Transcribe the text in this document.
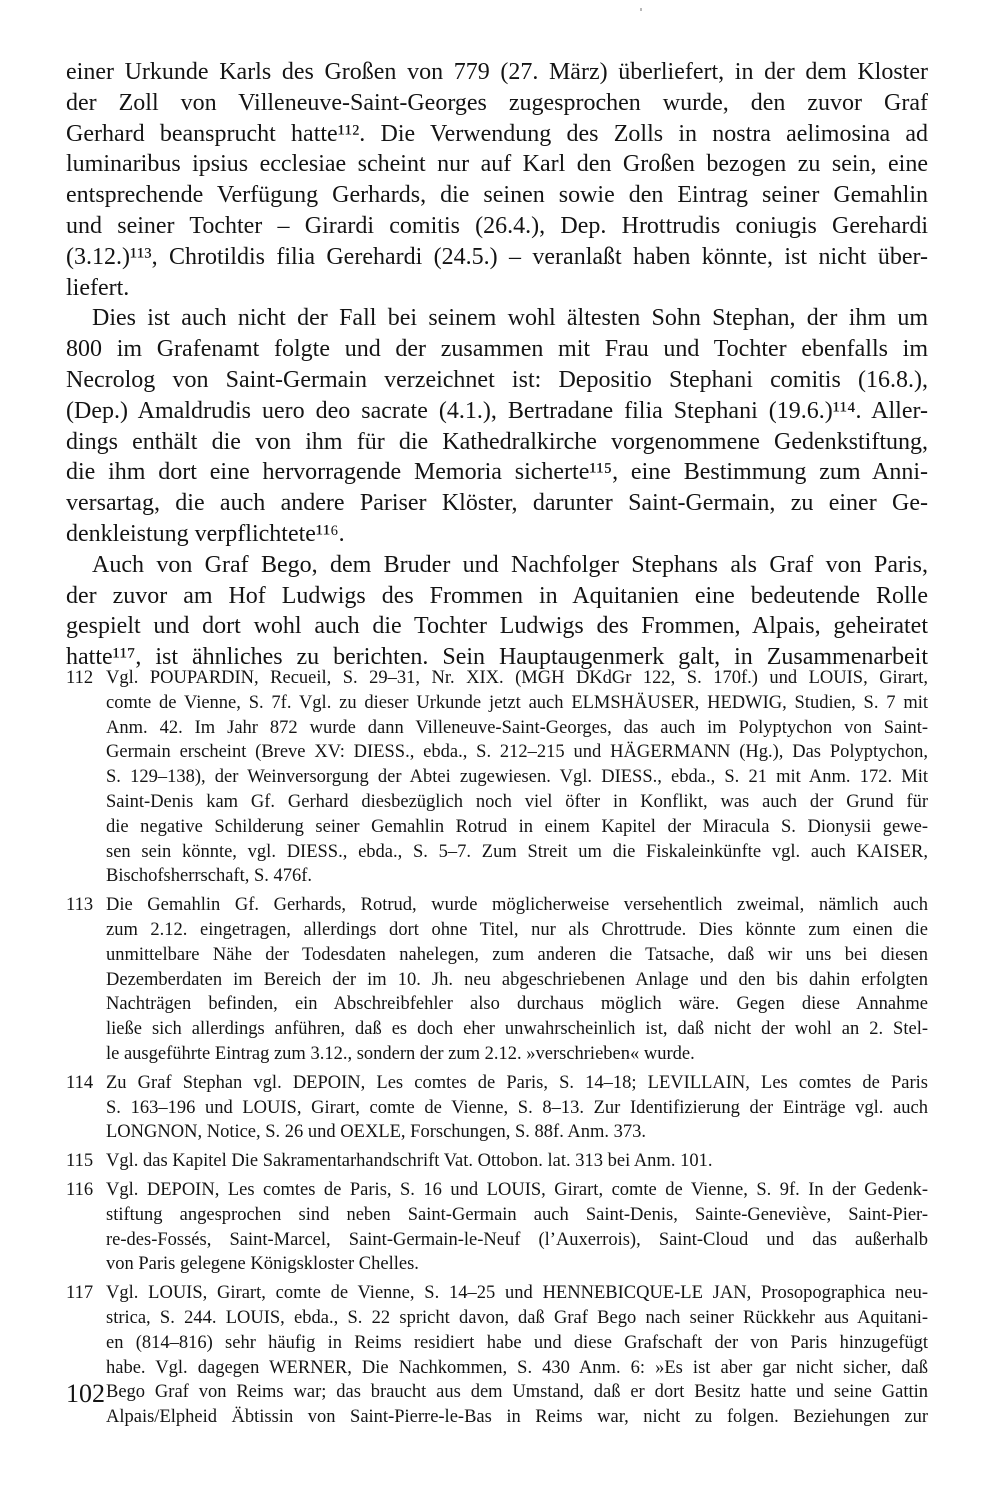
einer Urkunde Karls des Großen von 779 (27. März) überliefert, in der dem Kloster
der Zoll von Villeneuve-Saint-Georges zugesprochen wurde, den zuvor Graf
Gerhard beansprucht hatte¹¹². Die Verwendung des Zolls in nostra aelimosina ad
luminaribus ipsius ecclesiae scheint nur auf Karl den Großen bezogen zu sein, eine
entsprechende Verfügung Gerhards, die seinen sowie den Eintrag seiner Gemahlin
und seiner Tochter – Girardi comitis (26.4.), Dep. Hrottrudis coniugis Gerehardi
(3.12.)¹¹³, Chrotildis filia Gerehardi (24.5.) – veranlaßt haben könnte, ist nicht über-
liefert.
Dies ist auch nicht der Fall bei seinem wohl ältesten Sohn Stephan, der ihm um
800 im Grafenamt folgte und der zusammen mit Frau und Tochter ebenfalls im
Necrolog von Saint-Germain verzeichnet ist: Depositio Stephani comitis (16.8.),
(Dep.) Amaldrudis uero deo sacrate (4.1.), Bertradane filia Stephani (19.6.)¹¹⁴. Aller-
dings enthält die von ihm für die Kathedralkirche vorgenommene Gedenkstiftung,
die ihm dort eine hervorragende Memoria sicherte¹¹⁵, eine Bestimmung zum Anni-
versartag, die auch andere Pariser Klöster, darunter Saint-Germain, zu einer Ge-
denkleistung verpflichtete¹¹⁶.
Auch von Graf Bego, dem Bruder und Nachfolger Stephans als Graf von Paris,
der zuvor am Hof Ludwigs des Frommen in Aquitanien eine bedeutende Rolle
gespielt und dort wohl auch die Tochter Ludwigs des Frommen, Alpais, geheiratet
hatte¹¹⁷, ist ähnliches zu berichten. Sein Hauptaugenmerk galt, in Zusammenarbeit
112 Vgl. POUPARDIN, Recueil, S. 29–31, Nr. XIX. (MGH DKdGr 122, S. 170f.) und LOUIS, Girart,
comte de Vienne, S. 7f. Vgl. zu dieser Urkunde jetzt auch ELMSHÄUSER, HEDWIG, Studien, S. 7 mit
Anm. 42. Im Jahr 872 wurde dann Villeneuve-Saint-Georges, das auch im Polyptychon von Saint-
Germain erscheint (Breve XV: DIESS., ebda., S. 212–215 und HÄGERMANN (Hg.), Das Polyptychon,
S. 129–138), der Weinversorgung der Abtei zugewiesen. Vgl. DIESS., ebda., S. 21 mit Anm. 172. Mit
Saint-Denis kam Gf. Gerhard diesbezüglich noch viel öfter in Konflikt, was auch der Grund für
die negative Schilderung seiner Gemahlin Rotrud in einem Kapitel der Miracula S. Dionysii gewe-
sen sein könnte, vgl. DIESS., ebda., S. 5–7. Zum Streit um die Fiskaleinkünfte vgl. auch KAISER,
Bischofsherrschaft, S. 476f.
113 Die Gemahlin Gf. Gerhards, Rotrud, wurde möglicherweise versehentlich zweimal, nämlich auch
zum 2.12. eingetragen, allerdings dort ohne Titel, nur als Chrottrude. Dies könnte zum einen die
unmittelbare Nähe der Todesdaten nahelegen, zum anderen die Tatsache, daß wir uns bei diesen
Dezemberdaten im Bereich der im 10. Jh. neu abgeschriebenen Anlage und den bis dahin erfolgten
Nachträgen befinden, ein Abschreibfehler also durchaus möglich wäre. Gegen diese Annahme
ließe sich allerdings anführen, daß es doch eher unwahrscheinlich ist, daß nicht der wohl an 2. Stel-
le ausgeführte Eintrag zum 3.12., sondern der zum 2.12. »verschrieben« wurde.
114 Zu Graf Stephan vgl. DEPOIN, Les comtes de Paris, S. 14–18; LEVILLAIN, Les comtes de Paris
S. 163–196 und LOUIS, Girart, comte de Vienne, S. 8–13. Zur Identifizierung der Einträge vgl. auch
LONGNON, Notice, S. 26 und OEXLE, Forschungen, S. 88f. Anm. 373.
115 Vgl. das Kapitel Die Sakramentarhandschrift Vat. Ottobon. lat. 313 bei Anm. 101.
116 Vgl. DEPOIN, Les comtes de Paris, S. 16 und LOUIS, Girart, comte de Vienne, S. 9f. In der Gedenk-
stiftung angesprochen sind neben Saint-Germain auch Saint-Denis, Sainte-Geneviève, Saint-Pier-
re-des-Fossés, Saint-Marcel, Saint-Germain-le-Neuf (l’Auxerrois), Saint-Cloud und das außerhalb
von Paris gelegene Königskloster Chelles.
117 Vgl. LOUIS, Girart, comte de Vienne, S. 14–25 und HENNEBICQUE-LE JAN, Prosopographica neu-
strica, S. 244. LOUIS, ebda., S. 22 spricht davon, daß Graf Bego nach seiner Rückkehr aus Aquitani-
en (814–816) sehr häufig in Reims residiert habe und diese Grafschaft der von Paris hinzugefügt
habe. Vgl. dagegen WERNER, Die Nachkommen, S. 430 Anm. 6: »Es ist aber gar nicht sicher, daß
Bego Graf von Reims war; das braucht aus dem Umstand, daß er dort Besitz hatte und seine Gattin
Alpais/Elpheid Äbtissin von Saint-Pierre-le-Bas in Reims war, nicht zu folgen. Beziehungen zur
102
